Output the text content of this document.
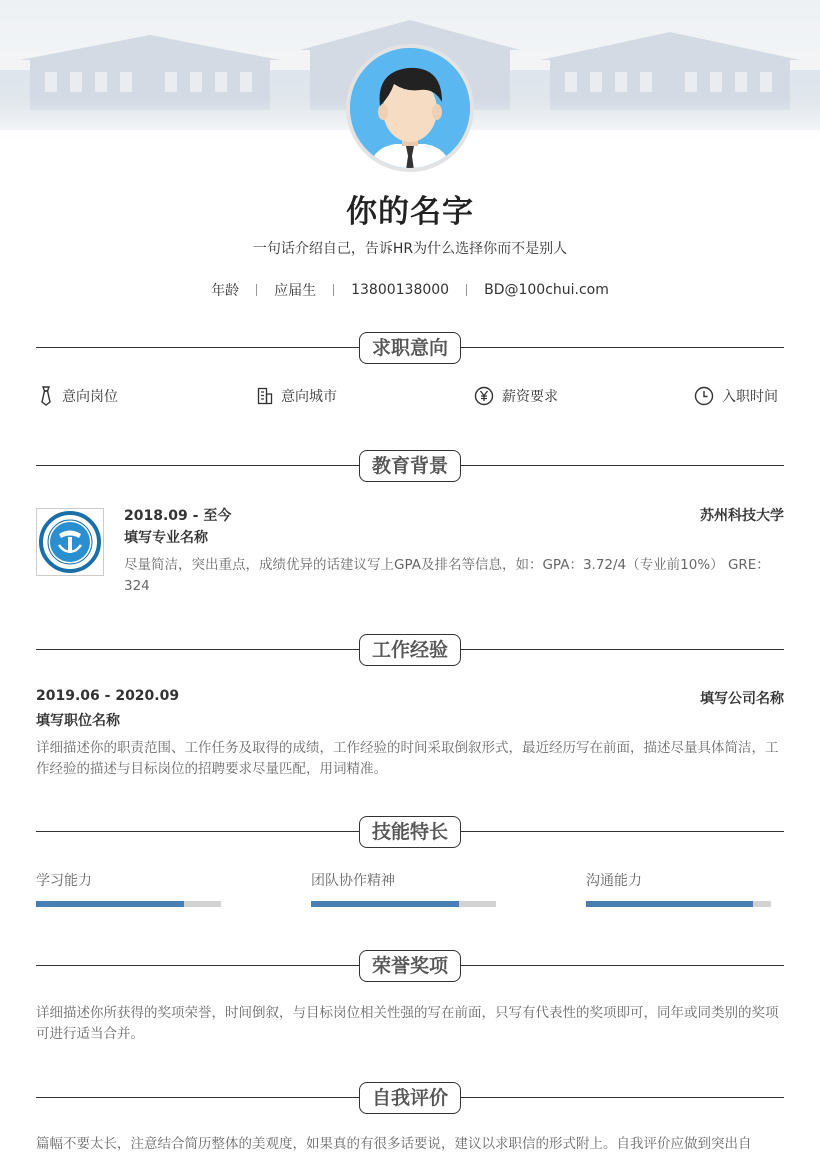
你的名字
一句话介绍自己，告诉HR为什么选择你而不是别人
年龄	应届生	13800138000	BD@100chui.com
求职意向
意向岗位	意向城市	薪资要求	入职时间
教育背景
2018.09 - 至今	苏州科技大学
填写专业名称
尽量简洁，突出重点，成绩优异的话建议写上GPA及排名等信息，如：GPA：3.72/4（专业前10%） GRE：324
工作经验
2019.06 - 2020.09	填写公司名称
填写职位名称
详细描述你的职责范围、工作任务及取得的成绩，工作经验的时间采取倒叙形式，最近经历写在前面，描述尽量具体简洁，工作经验的描述与目标岗位的招聘要求尽量匹配，用词精准。
技能特长
学习能力	团队协作精神	沟通能力
荣誉奖项
详细描述你所获得的奖项荣誉，时间倒叙，与目标岗位相关性强的写在前面，只写有代表性的奖项即可，同年或同类别的奖项可进行适当合并。
自我评价
篇幅不要太长，注意结合简历整体的美观度，如果真的有很多话要说，建议以求职信的形式附上。自我评价应做到突出自
